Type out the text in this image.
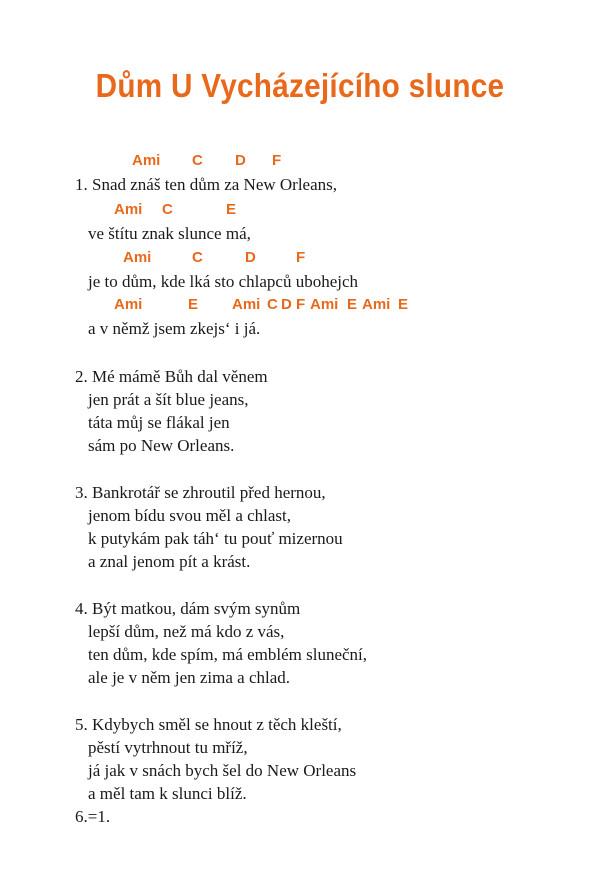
Dům U Vycházejícího slunce
Ami C D F
1. Snad znáš ten dům za New Orleans,
Ami C	E
ve štítu znak slunce má,
Ami	C	D	F
je to dům, kde lká sto chlapců ubohejch
Ami	E Ami C D F Ami E Ami E
a v němž jsem zkejs‘ i já.
2. Mé mámě Bůh dal věnem
jen prát a šít blue jeans,
táta můj se flákal jen
sám po New Orleans.
3. Bankrotář se zhroutil před hernou,
jenom bídu svou měl a chlast,
k putykám pak táh‘ tu pouť mizernou
a znal jenom pít a krást.
4. Být matkou, dám svým synům
lepší dům, než má kdo z vás,
ten dům, kde spím, má emblém sluneční,
ale je v něm jen zima a chlad.
5. Kdybych směl se hnout z těch kleští,
pěstí vytrhnout tu mříž,
já jak v snách bych šel do New Orleans
a měl tam k slunci blíž.
6.=1.
